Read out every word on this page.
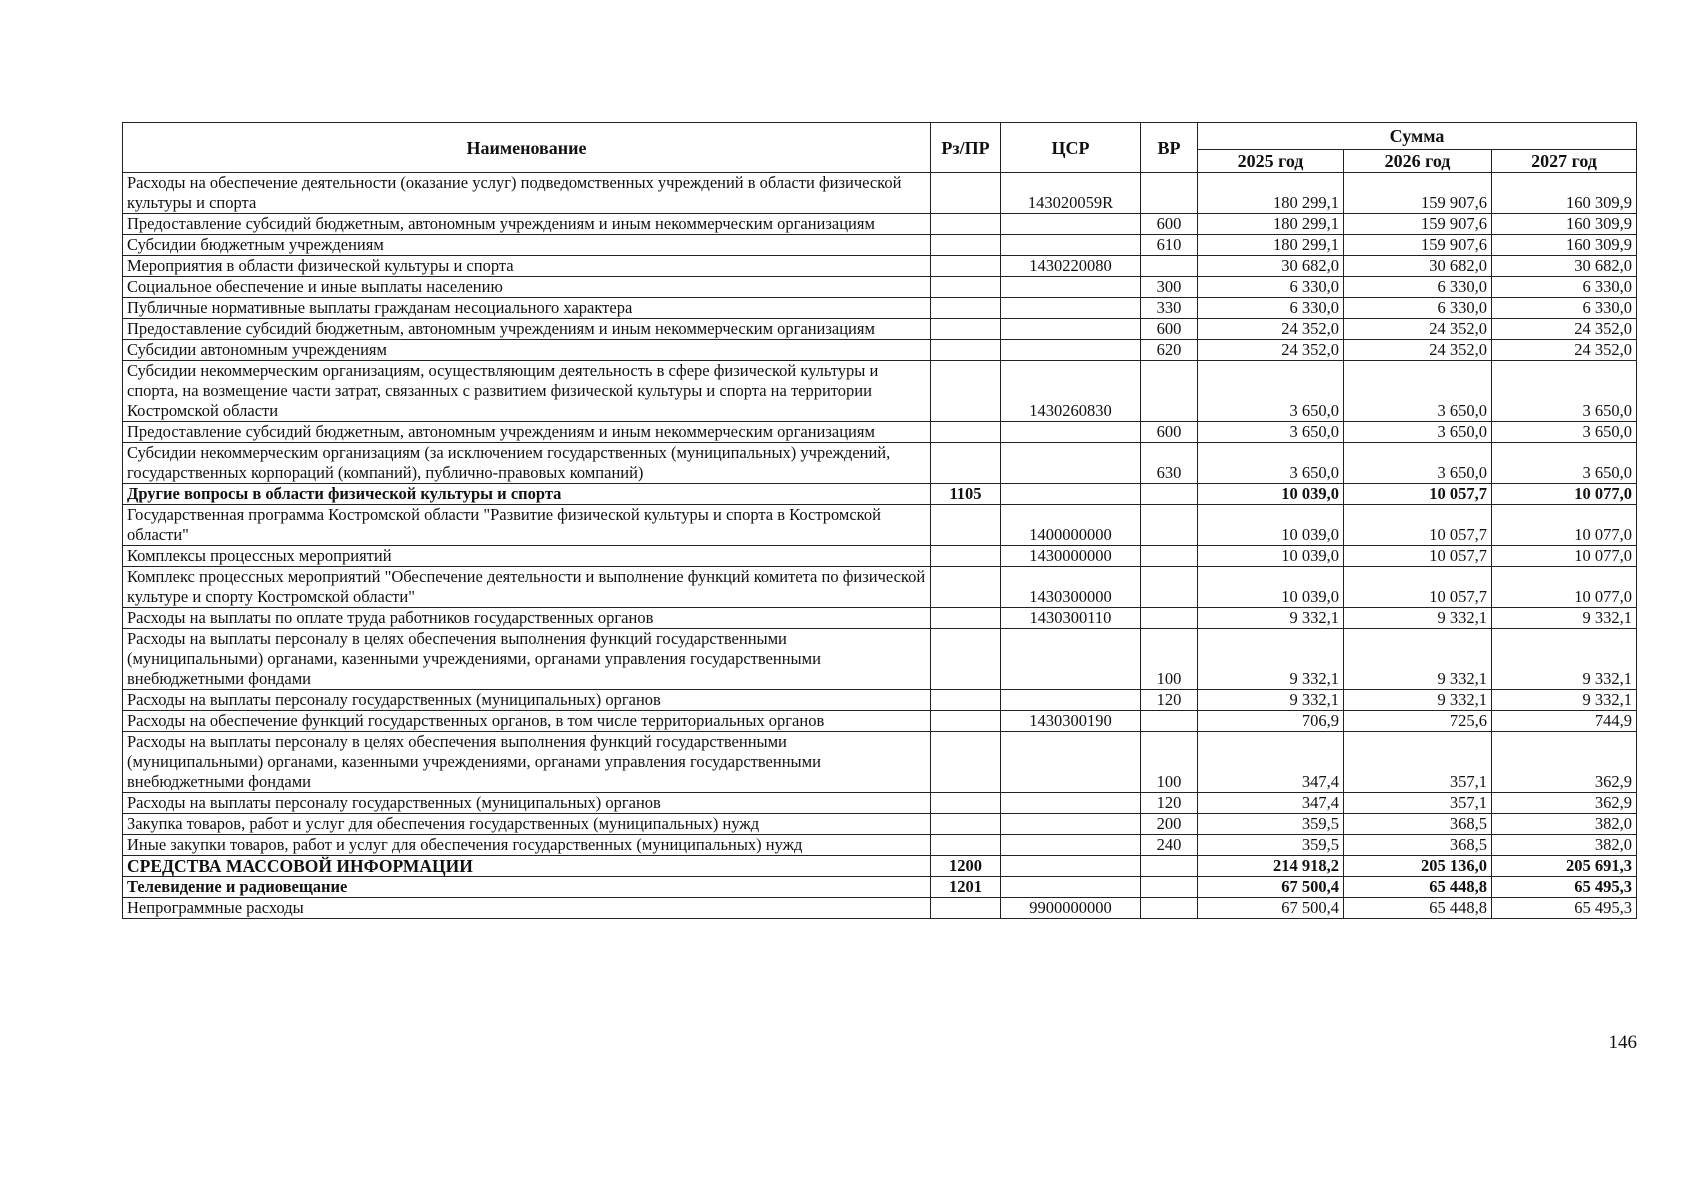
Наименование	Рз/ПР	ЦСР	ВР	Сумма		
				2025 год	2026 год	2027 год
Расходы на обеспечение деятельности (оказание услуг) подведомственных учреждений в области физической культуры и спорта		143020059R		180 299,1	159 907,6	160 309,9
Предоставление субсидий бюджетным, автономным учреждениям и иным некоммерческим организациям			600	180 299,1	159 907,6	160 309,9
Субсидии бюджетным учреждениям			610	180 299,1	159 907,6	160 309,9
Мероприятия в области физической культуры и спорта		1430220080		30 682,0	30 682,0	30 682,0
Социальное обеспечение и иные выплаты населению			300	6 330,0	6 330,0	6 330,0
Публичные нормативные выплаты гражданам несоциального характера			330	6 330,0	6 330,0	6 330,0
Предоставление субсидий бюджетным, автономным учреждениям и иным некоммерческим организациям			600	24 352,0	24 352,0	24 352,0
Субсидии автономным учреждениям			620	24 352,0	24 352,0	24 352,0
Субсидии некоммерческим организациям, осуществляющим деятельность в сфере физической культуры и спорта, на возмещение части затрат, связанных с развитием физической культуры и спорта на территории Костромской области		1430260830		3 650,0	3 650,0	3 650,0
Предоставление субсидий бюджетным, автономным учреждениям и иным некоммерческим организациям			600	3 650,0	3 650,0	3 650,0
Субсидии некоммерческим организациям (за исключением государственных (муниципальных) учреждений, государственных корпораций (компаний), публично-правовых компаний)			630	3 650,0	3 650,0	3 650,0
Другие вопросы в области физической культуры и спорта	1105			10 039,0	10 057,7	10 077,0
Государственная программа Костромской области "Развитие физической культуры и спорта в Костромской области"		1400000000		10 039,0	10 057,7	10 077,0
Комплексы процессных мероприятий		1430000000		10 039,0	10 057,7	10 077,0
Комплекс процессных мероприятий "Обеспечение деятельности и выполнение функций комитета по физической культуре и спорту Костромской области"		1430300000		10 039,0	10 057,7	10 077,0
Расходы на выплаты по оплате труда работников государственных органов		1430300110		9 332,1	9 332,1	9 332,1
Расходы на выплаты персоналу в целях обеспечения выполнения функций государственными (муниципальными) органами, казенными учреждениями, органами управления государственными внебюджетными фондами			100	9 332,1	9 332,1	9 332,1
Расходы на выплаты персоналу государственных (муниципальных) органов			120	9 332,1	9 332,1	9 332,1
Расходы на обеспечение функций государственных органов, в том числе территориальных органов		1430300190		706,9	725,6	744,9
Расходы на выплаты персоналу в целях обеспечения выполнения функций государственными (муниципальными) органами, казенными учреждениями, органами управления государственными внебюджетными фондами			100	347,4	357,1	362,9
Расходы на выплаты персоналу государственных (муниципальных) органов			120	347,4	357,1	362,9
Закупка товаров, работ и услуг для обеспечения государственных (муниципальных) нужд			200	359,5	368,5	382,0
Иные закупки товаров, работ и услуг для обеспечения государственных (муниципальных) нужд			240	359,5	368,5	382,0
СРЕДСТВА МАССОВОЙ ИНФОРМАЦИИ	1200			214 918,2	205 136,0	205 691,3
Телевидение и радиовещание	1201			67 500,4	65 448,8	65 495,3
Непрограммные расходы		9900000000		67 500,4	65 448,8	65 495,3
146
